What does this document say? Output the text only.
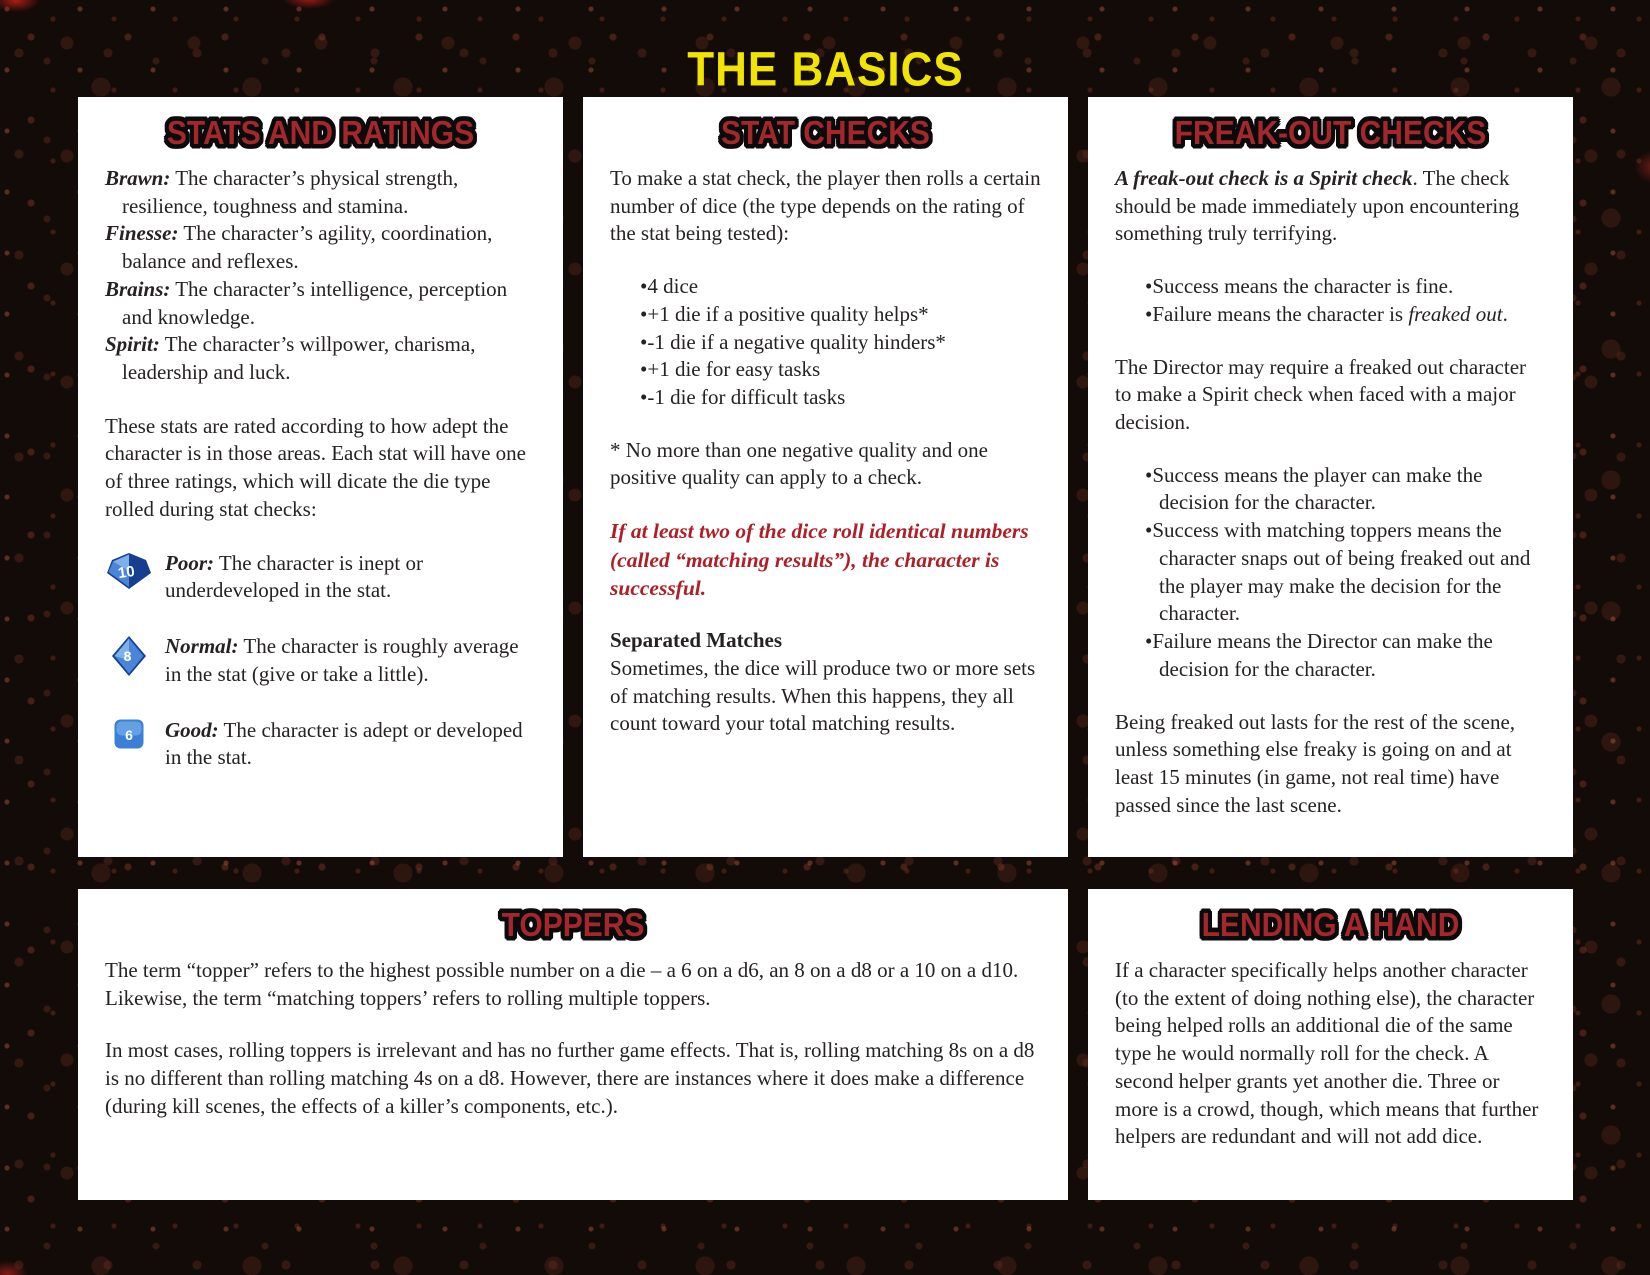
THE BASICS
STATS AND RATINGS

Brawn: The character’s physical strength, resilience, toughness and stamina.

Finesse: The character’s agility, coordination, balance and reflexes.

Brains: The character’s intelligence, perception and knowledge.

Spirit: The character’s willpower, charisma, leadership and luck.

These stats are rated according to how adept the character is in those areas. Each stat will have one of three ratings, which will dicate the die type rolled during stat checks:

10 Poor: The character is inept or underdeveloped in the stat.

8 Normal: The character is roughly average in the stat (give or take a little).

6 Good: The character is adept or developed in the stat.

STAT CHECKS

To make a stat check, the player then rolls a certain number of dice (the type depends on the rating of the stat being tested):

• 4 dice

• +1 die if a positive quality helps*

• -1 die if a negative quality hinders*

• +1 die for easy tasks

• -1 die for difficult tasks

* No more than one negative quality and one positive quality can apply to a check.

If at least two of the dice roll identical numbers (called “matching results”), the character is successful.

Separated Matches

Sometimes, the dice will produce two or more sets of matching results. When this happens, they all count toward your total matching results.

FREAK-OUT CHECKS

A freak-out check is a Spirit check. The check should be made immediately upon encountering something truly terrifying.

• Success means the character is fine.

• Failure means the character is freaked out.

The Director may require a freaked out character to make a Spirit check when faced with a major decision.

• Success means the player can make the decision for the character.

• Success with matching toppers means the character snaps out of being freaked out and the player may make the decision for the character.

• Failure means the Director can make the decision for the character.

Being freaked out lasts for the rest of the scene, unless something else freaky is going on and at least 15 minutes (in game, not real time) have passed since the last scene.

TOPPERS

The term “topper” refers to the highest possible number on a die – a 6 on a d6, an 8 on a d8 or a 10 on a d10. Likewise, the term “matching toppers’ refers to rolling multiple toppers.

In most cases, rolling toppers is irrelevant and has no further game effects. That is, rolling matching 8s on a d8 is no different than rolling matching 4s on a d8. However, there are instances where it does make a difference (during kill scenes, the effects of a killer’s components, etc.).

LENDING A HAND

If a character specifically helps another character (to the extent of doing nothing else), the character being helped rolls an additional die of the same type he would normally roll for the check. A second helper grants yet another die. Three or more is a crowd, though, which means that further helpers are redundant and will not add dice.
